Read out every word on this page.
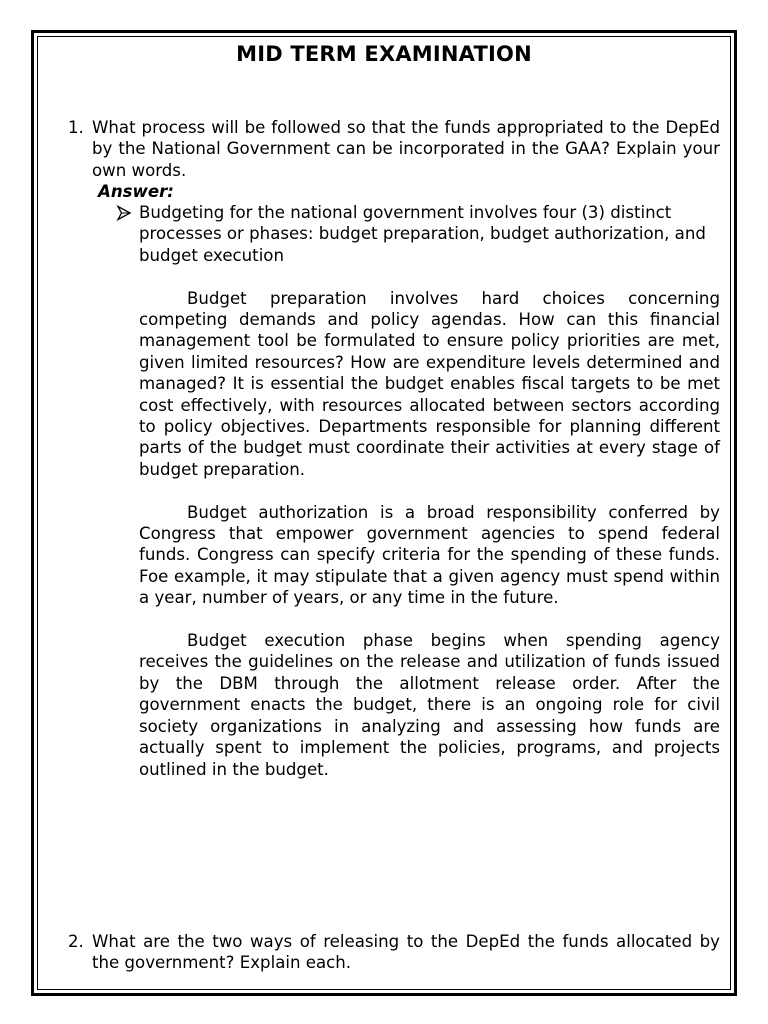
MID TERM EXAMINATION
1. What process will be followed so that the funds appropriated to the DepEd by the National Government can be incorporated in the GAA? Explain your own words.
Answer:

Budgeting for the national government involves four (3) distinct processes or phases: budget preparation, budget authorization, and budget execution

Budget preparation involves hard choices concerning competing demands and policy agendas. How can this financial management tool be formulated to ensure policy priorities are met, given limited resources? How are expenditure levels determined and managed? It is essential the budget enables fiscal targets to be met cost effectively, with resources allocated between sectors according to policy objectives. Departments responsible for planning different parts of the budget must coordinate their activities at every stage of budget preparation.

Budget authorization is a broad responsibility conferred by Congress that empower government agencies to spend federal funds. Congress can specify criteria for the spending of these funds. Foe example, it may stipulate that a given agency must spend within a year, number of years, or any time in the future.

Budget execution phase begins when spending agency receives the guidelines on the release and utilization of funds issued by the DBM through the allotment release order. After the government enacts the budget, there is an ongoing role for civil society organizations in analyzing and assessing how funds are actually spent to implement the policies, programs, and projects outlined in the budget.

2. What are the two ways of releasing to the DepEd the funds allocated by the government? Explain each.
